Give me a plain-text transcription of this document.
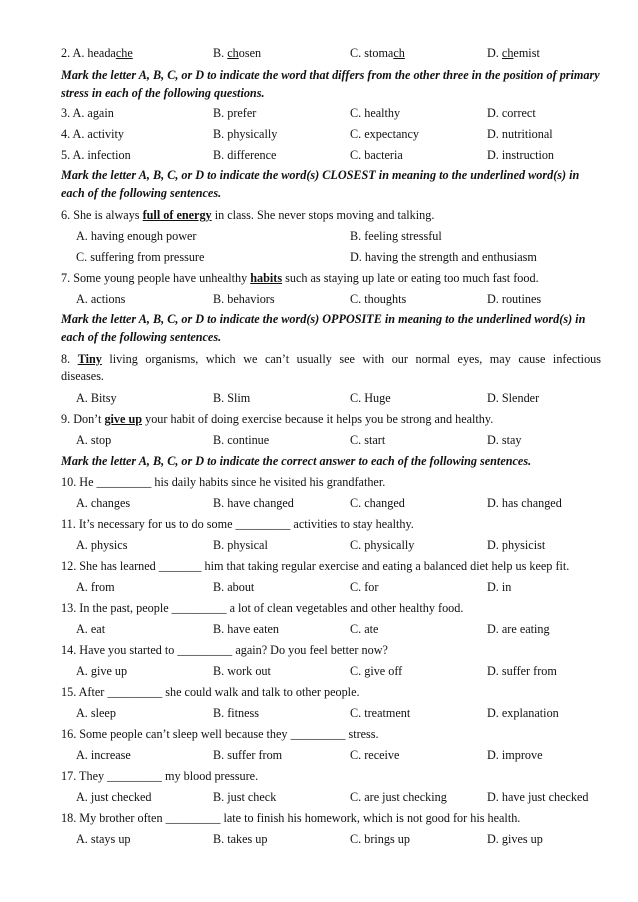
2. A. headache	B. chosen	C. stomach	D. chemist
Mark the letter A, B, C, or D to indicate the word that differs from the other three in the position of primary stress in each of the following questions.
3. A. again	B. prefer	C. healthy	D. correct
4. A. activity	B. physically	C. expectancy	D. nutritional
5. A. infection	B. difference	C. bacteria	D. instruction
Mark the letter A, B, C, or D to indicate the word(s) CLOSEST in meaning to the underlined word(s) in each of the following sentences.
6. She is always full of energy in class. She never stops moving and talking.
A. having enough power	B. feeling stressful
C. suffering from pressure	D. having the strength and enthusiasm
7. Some young people have unhealthy habits such as staying up late or eating too much fast food.
A. actions	B. behaviors	C. thoughts	D. routines
Mark the letter A, B, C, or D to indicate the word(s) OPPOSITE in meaning to the underlined word(s) in each of the following sentences.
8. Tiny living organisms, which we can’t usually see with our normal eyes, may cause infectious
diseases.
A. Bitsy	B. Slim	C. Huge	D. Slender
9. Don’t give up your habit of doing exercise because it helps you be strong and healthy.
A. stop	B. continue	C. start	D. stay
Mark the letter A, B, C, or D to indicate the correct answer to each of the following sentences.
10. He _________ his daily habits since he visited his grandfather.
A. changes	B. have changed	C. changed	D. has changed
11. It’s necessary for us to do some _________ activities to stay healthy.
A. physics	B. physical	C. physically	D. physicist
12. She has learned _______ him that taking regular exercise and eating a balanced diet help us keep fit.
A. from	B. about	C. for	D. in
13. In the past, people _________ a lot of clean vegetables and other healthy food.
A. eat	B. have eaten	C. ate	D. are eating
14. Have you started to _________ again? Do you feel better now?
A. give up	B. work out	C. give off	D. suffer from
15. After _________ she could walk and talk to other people.
A. sleep	B. fitness	C. treatment	D. explanation
16. Some people can’t sleep well because they _________ stress.
A. increase	B. suffer from	C. receive	D. improve
17. They _________ my blood pressure.
A. just checked	B. just check	C. are just checking	D. have just checked
18. My brother often _________ late to finish his homework, which is not good for his health.
A. stays up	B. takes up	C. brings up	D. gives up
